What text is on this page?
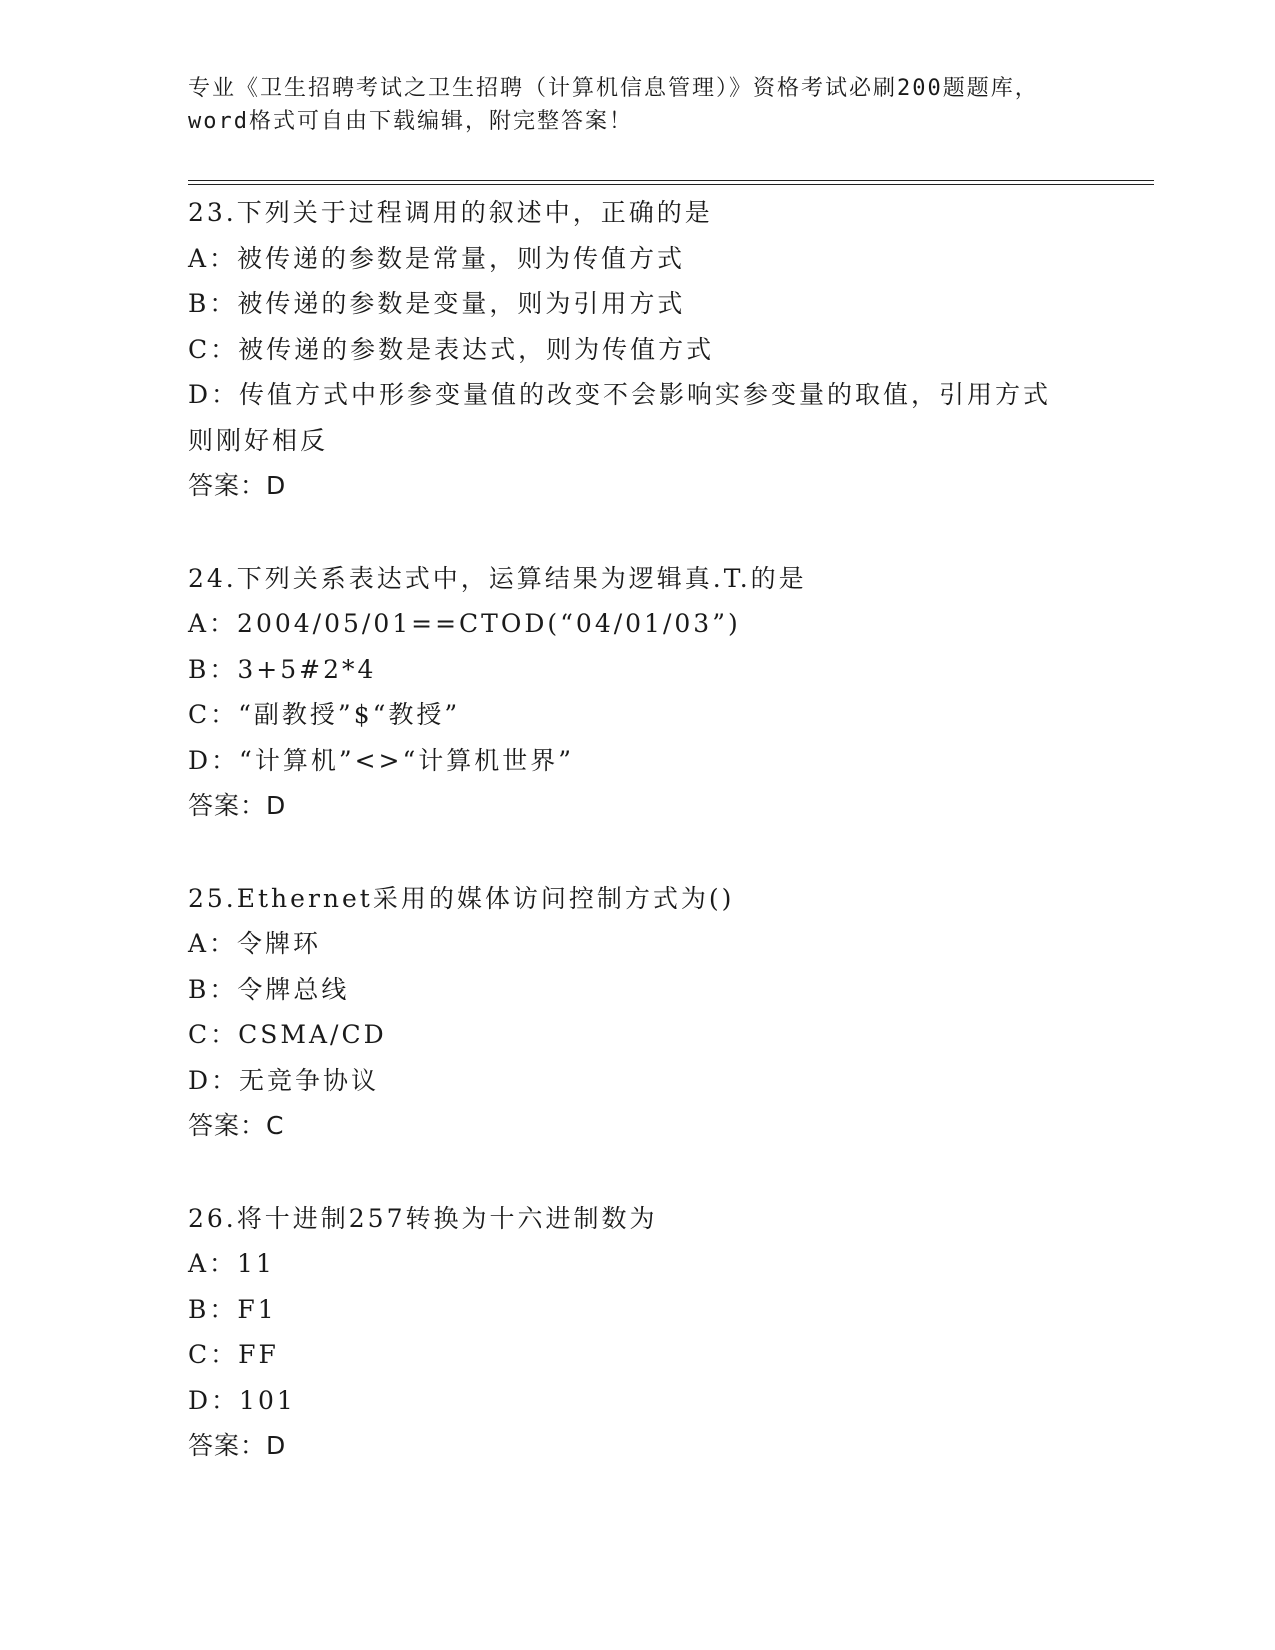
专业《卫生招聘考试之卫生招聘（计算机信息管理）》资格考试必刷200题题库，
word格式可自由下载编辑，附完整答案！
23.下列关于过程调用的叙述中，正确的是
A：被传递的参数是常量，则为传值方式
B：被传递的参数是变量，则为引用方式
C：被传递的参数是表达式，则为传值方式
D：传值方式中形参变量值的改变不会影响实参变量的取值，引用方式
则刚好相反
答案：D
24.下列关系表达式中，运算结果为逻辑真.T.的是
A：2004/05/01==CTOD(“04/01/03”)
B：3+5#2*4
C：“副教授”$“教授”
D：“计算机”<>“计算机世界”
答案：D
25.Ethernet采用的媒体访问控制方式为()
A：令牌环
B：令牌总线
C：CSMA/CD
D：无竞争协议
答案：C
26.将十进制257转换为十六进制数为
A：11
B：F1
C：FF
D：101
答案：D
